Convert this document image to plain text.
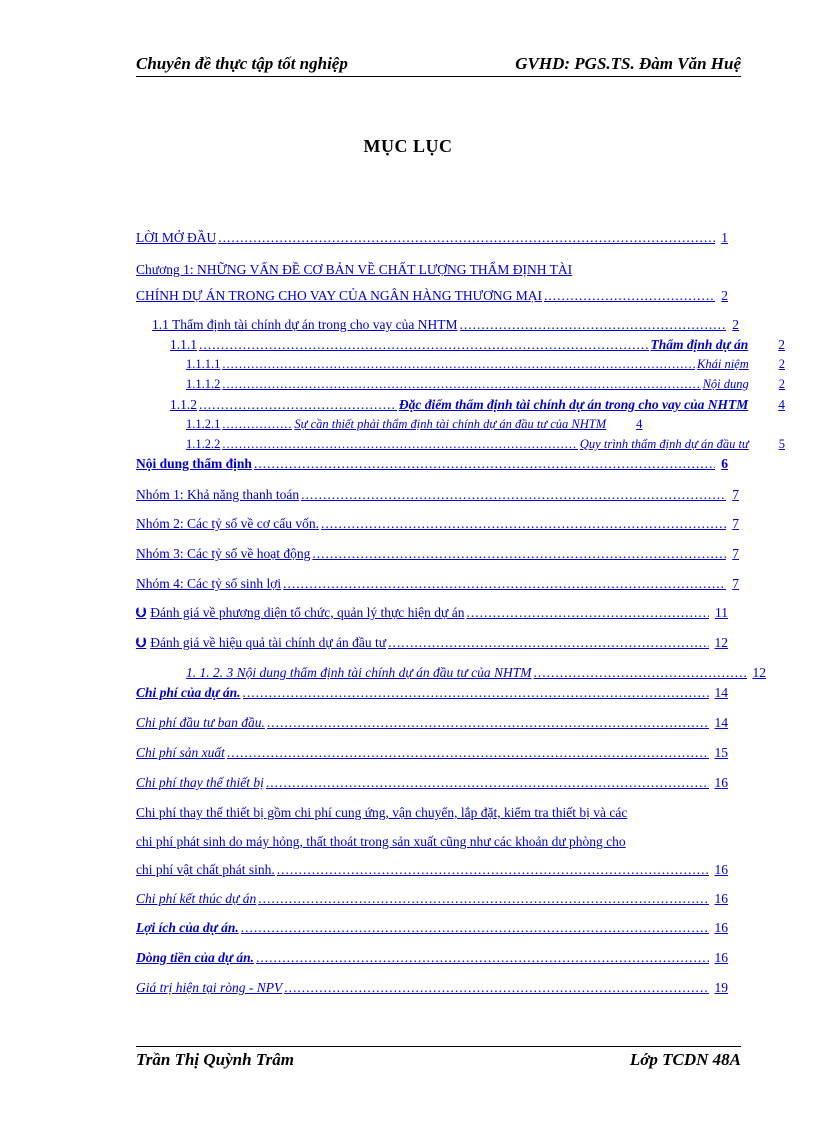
Chuyên đề thực tập tốt nghiệp	GVHD: PGS.TS. Đàm Văn Huệ
MỤC LỤC
LỜI MỞ ĐẦU .....	1
Chương 1: NHỮNG VẤN ĐỀ CƠ BẢN VỀ CHẤT LƯỢNG THẨM ĐỊNH TÀI
CHÍNH DỰ ÁN TRONG CHO VAY CỦA NGÂN HÀNG THƯƠNG MẠI .....	2
1.1 Thẩm định tài chính dự án trong cho vay của NHTM .....	2
1.1.1 .....	Thẩm định dự án	2
1.1.1.1 .....	Khái niệm	2
1.1.1.2 .....	Nội dung	2
1.1.2 .....	Đặc điểm thẩm định tài chính dự án trong cho vay của NHTM	4
1.1.2.1 .....	Sự cần thiết phải thẩm định tài chính dự án đầu tư của NHTM	4
1.1.2.2 .....	Quy trình thẩm định dự án đầu tư	5
Nội dung thẩm định .....	6
Nhóm 1: Khả năng thanh toán .....	7
Nhóm 2: Các tỷ số về cơ cấu vốn. .....	7
Nhóm 3: Các tỷ số về hoạt động .....	7
Nhóm 4: Các tỷ số sinh lợi .....	7
⮋ Đánh giá về phương diện tổ chức, quản lý thực hiện dự án .....	11
⮋ Đánh giá về hiệu quả tài chính dự án đầu tư .....	12
1. 1. 2. 3 Nội dung thẩm định tài chính dự án đầu tư của NHTM .....	12
Chi phí của dự án. .....	14
Chi phí đầu tư ban đầu. .....	14
Chi phí sản xuất .....	15
Chi phí thay thế thiết bị .....	16
Chi phí thay thế thiết bị gồm chi phí cung ứng, vận chuyển, lắp đặt, kiểm tra thiết bị và các
chi phí phát sinh do máy hỏng, thất thoát trong sản xuất cũng như các khoản dư phòng cho
chi phí vật chất phát sinh. .....	16
Chi phí kết thúc dự án .....	16
Lợi ích của dự án. .....	16
Dòng tiền của dự án. .....	16
Giá trị hiện tại ròng - NPV .....	19
Trần Thị Quỳnh Trâm	Lớp TCDN 48A
